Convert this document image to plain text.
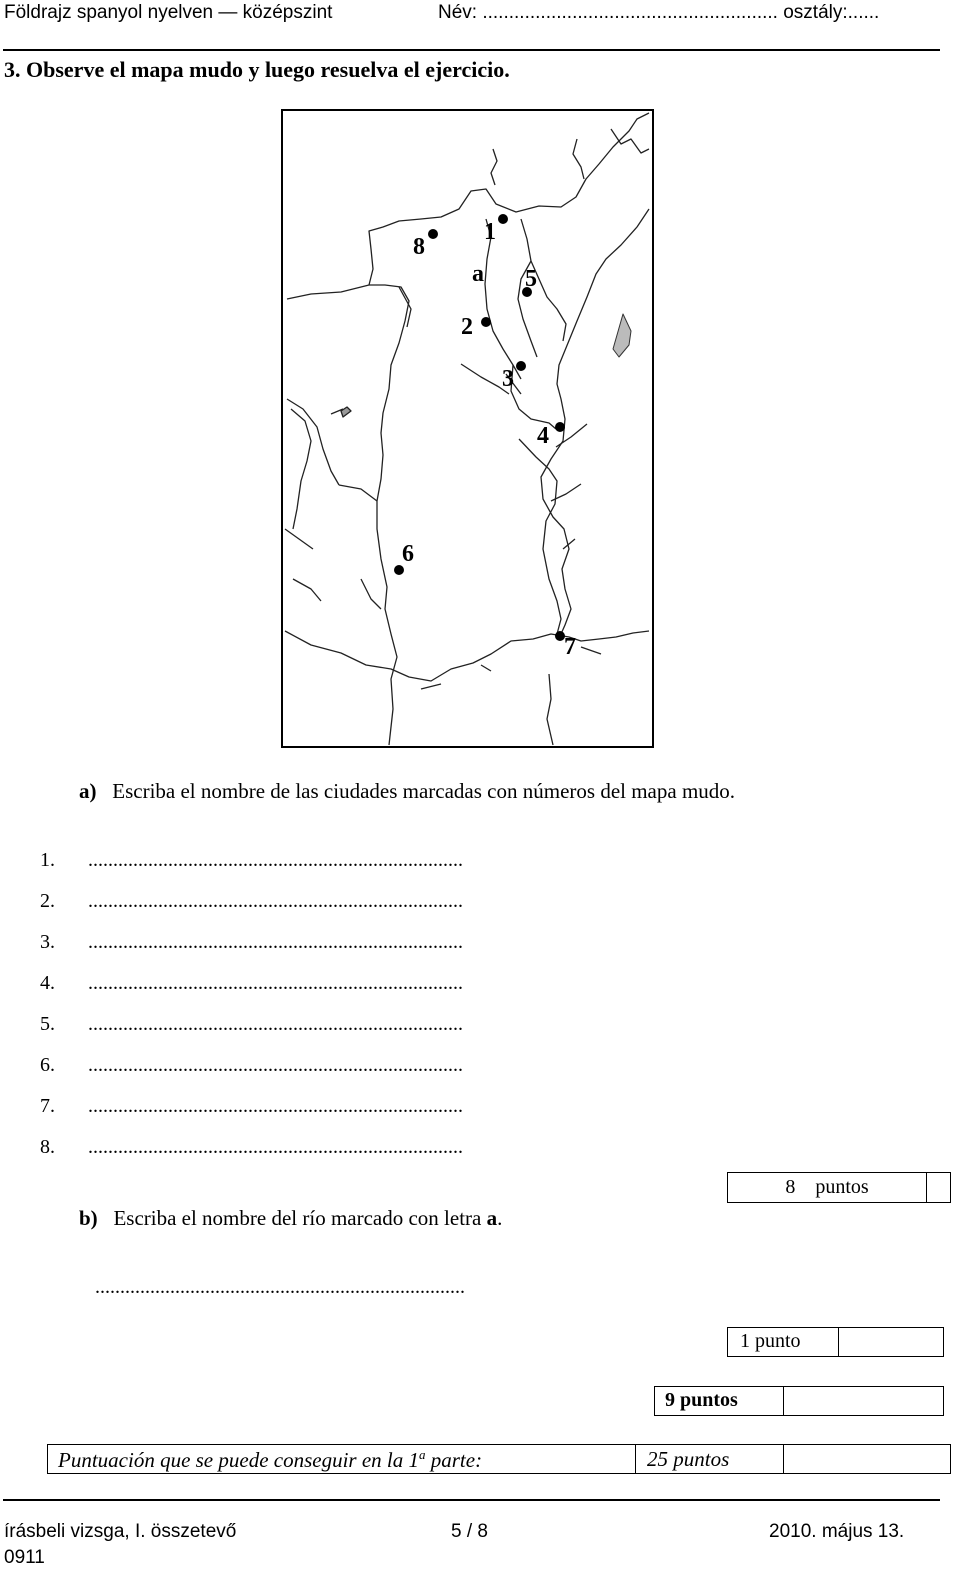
Földrajz spanyol nyelven — középszint	Név: ........................................................ osztály:......
3. Observe el mapa mudo y luego resuelva el ejercicio.
1
2
3
4
5
6
7
8
a
a) Escriba el nombre de las ciudades marcadas con números del mapa mudo.
1. ...........................................................................
2. ...........................................................................
3. ...........................................................................
4. ...........................................................................
5. ...........................................................................
6. ...........................................................................
7. ...........................................................................
8. ...........................................................................
8    puntos
b) Escriba el nombre del río marcado con letra a.
..........................................................................
1 punto
9 puntos
Puntuación que se puede conseguir en la 1$^a$ parte:	25 puntos
írásbeli vizsga, I. összetevő	5 / 8	2010. május 13.
0911
